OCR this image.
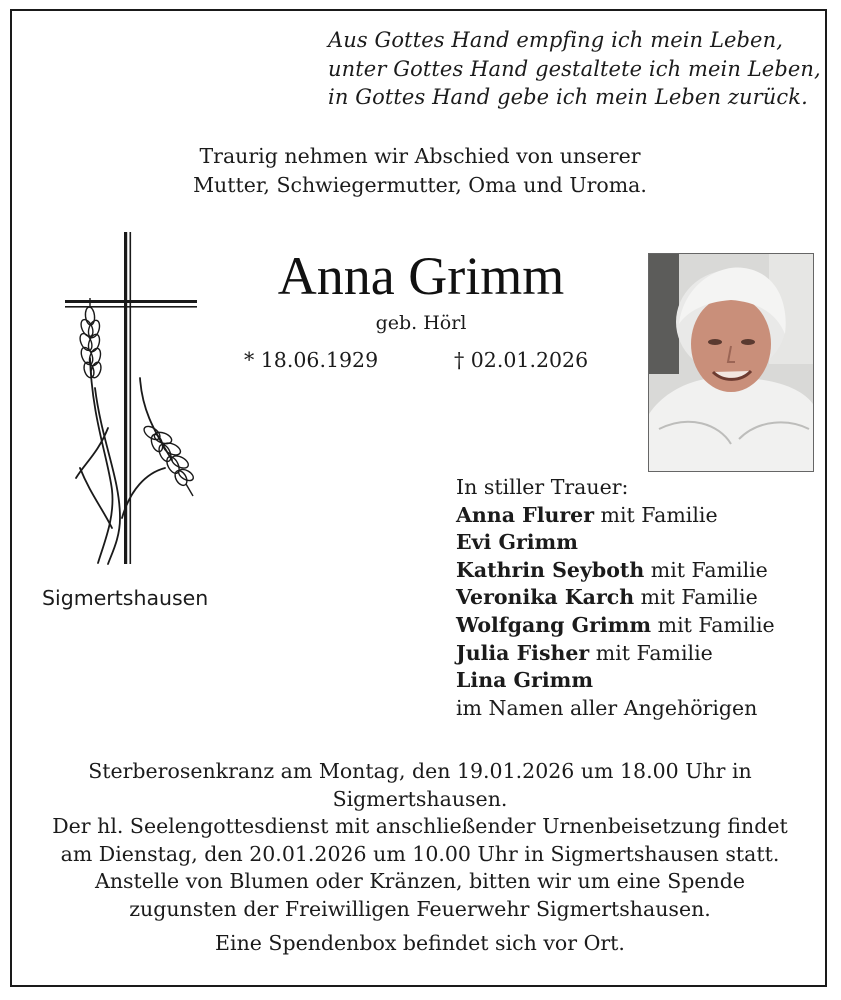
Aus Gottes Hand empfing ich mein Leben,
unter Gottes Hand gestaltete ich mein Leben,
in Gottes Hand gebe ich mein Leben zurück.
Traurig nehmen wir Abschied von unserer
Mutter, Schwiegermutter, Oma und Uroma.
Sigmertshausen
Anna Grimm
geb. Hörl
* 18.06.1929	† 02.01.2026
In stiller Trauer:
Anna Flurer mit Familie
Evi Grimm
Kathrin Seyboth mit Familie
Veronika Karch mit Familie
Wolfgang Grimm mit Familie
Julia Fisher mit Familie
Lina Grimm
im Namen aller Angehörigen

Sterberosenkranz am Montag, den 19.01.2026 um 18.00 Uhr in

Sigmertshausen.

Der hl. Seelengottesdienst mit anschließender Urnenbeisetzung findet

am Dienstag, den 20.01.2026 um 10.00 Uhr in Sigmertshausen statt.

Anstelle von Blumen oder Kränzen, bitten wir um eine Spende

zugunsten der Freiwilligen Feuerwehr Sigmertshausen.

Eine Spendenbox befindet sich vor Ort.
